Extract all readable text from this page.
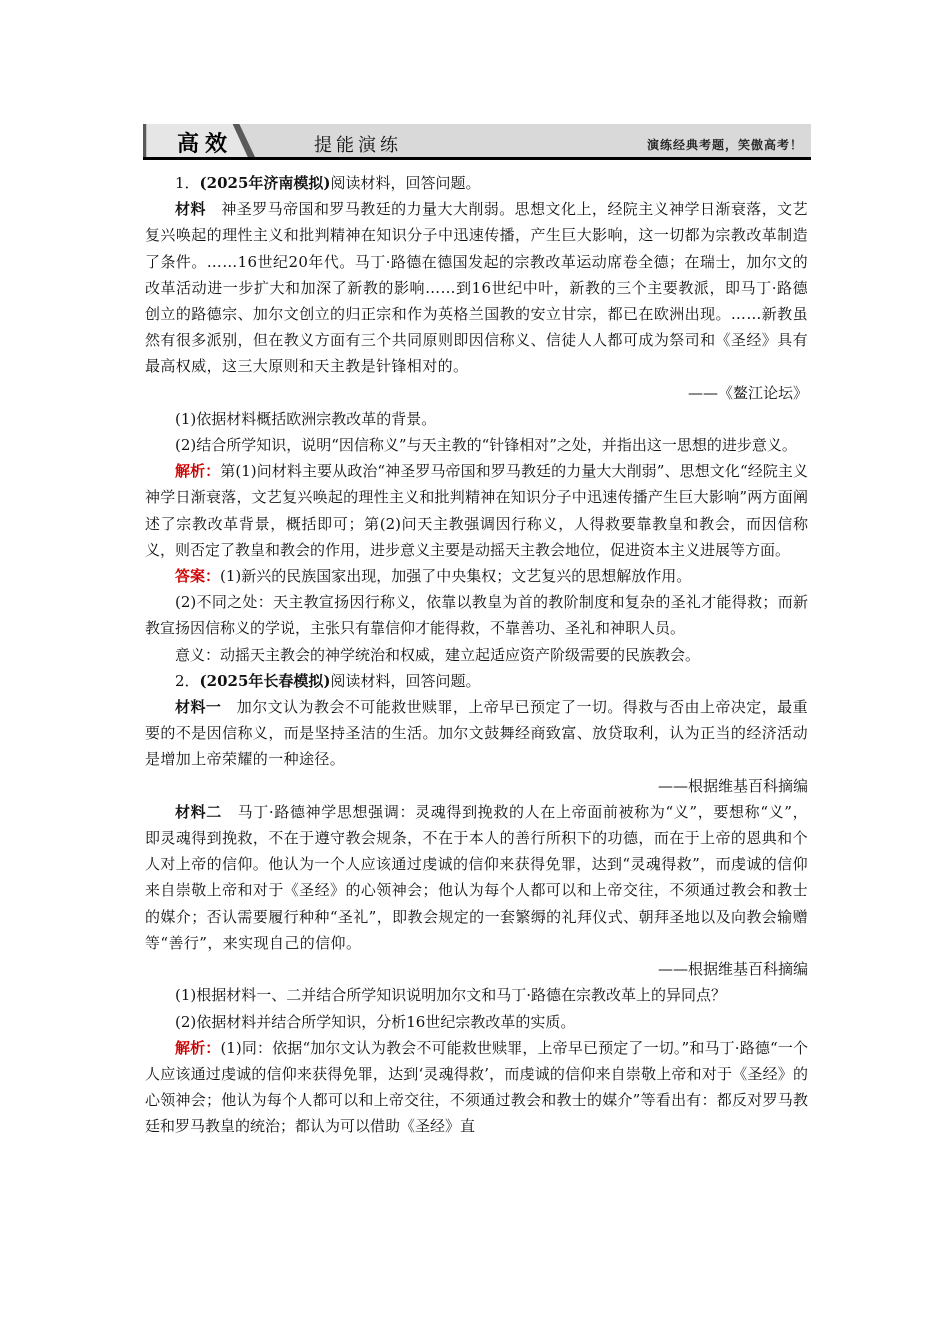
高效	提能演练	演练经典考题，笑傲高考！

1．(2025年济南模拟)阅读材料，回答问题。

材料　神圣罗马帝国和罗马教廷的力量大大削弱。思想文化上，经院主义神学日渐衰落，文艺复兴唤起的理性主义和批判精神在知识分子中迅速传播，产生巨大影响，这一切都为宗教改革制造了条件。……16世纪20年代。马丁·路德在德国发起的宗教改革运动席卷全德；在瑞士，加尔文的改革活动进一步扩大和加深了新教的影响……到16世纪中叶，新教的三个主要教派，即马丁·路德创立的路德宗、加尔文创立的归正宗和作为英格兰国教的安立甘宗，都已在欧洲出现。……新教虽然有很多派别，但在教义方面有三个共同原则即因信称义、信徒人人都可成为祭司和《圣经》具有最高权威，这三大原则和天主教是针锋相对的。

——《鳌江论坛》

(1)依据材料概括欧洲宗教改革的背景。

(2)结合所学知识，说明“因信称义”与天主教的“针锋相对”之处，并指出这一思想的进步意义。

解析：第(1)问材料主要从政治“神圣罗马帝国和罗马教廷的力量大大削弱”、思想文化“经院主义神学日渐衰落，文艺复兴唤起的理性主义和批判精神在知识分子中迅速传播产生巨大影响”两方面阐述了宗教改革背景，概括即可；第(2)问天主教强调因行称义，人得救要靠教皇和教会，而因信称义，则否定了教皇和教会的作用，进步意义主要是动摇天主教会地位，促进资本主义进展等方面。

答案：(1)新兴的民族国家出现，加强了中央集权；文艺复兴的思想解放作用。

(2)不同之处：天主教宣扬因行称义，依靠以教皇为首的教阶制度和复杂的圣礼才能得救；而新教宣扬因信称义的学说，主张只有靠信仰才能得救，不靠善功、圣礼和神职人员。

意义：动摇天主教会的神学统治和权威，建立起适应资产阶级需要的民族教会。

2．(2025年长春模拟)阅读材料，回答问题。

材料一　加尔文认为教会不可能救世赎罪，上帝早已预定了一切。得救与否由上帝决定，最重要的不是因信称义，而是坚持圣洁的生活。加尔文鼓舞经商致富、放贷取利，认为正当的经济活动是增加上帝荣耀的一种途径。

——根据维基百科摘编

材料二　马丁·路德神学思想强调：灵魂得到挽救的人在上帝面前被称为“义”，要想称“义”，即灵魂得到挽救，不在于遵守教会规条，不在于本人的善行所积下的功德，而在于上帝的恩典和个人对上帝的信仰。他认为一个人应该通过虔诚的信仰来获得免罪，达到“灵魂得救”，而虔诚的信仰来自崇敬上帝和对于《圣经》的心领神会；他认为每个人都可以和上帝交往，不须通过教会和教士的媒介；否认需要履行种种“圣礼”，即教会规定的一套繁缛的礼拜仪式、朝拜圣地以及向教会输赠等“善行”，来实现自己的信仰。

——根据维基百科摘编

(1)根据材料一、二并结合所学知识说明加尔文和马丁·路德在宗教改革上的异同点？

(2)依据材料并结合所学知识，分析16世纪宗教改革的实质。

解析：(1)同：依据“加尔文认为教会不可能救世赎罪，上帝早已预定了一切。”和马丁·路德“一个人应该通过虔诚的信仰来获得免罪，达到‘灵魂得救’，而虔诚的信仰来自崇敬上帝和对于《圣经》的心领神会；他认为每个人都可以和上帝交往，不须通过教会和教士的媒介”等看出有：都反对罗马教廷和罗马教皇的统治；都认为可以借助《圣经》直
